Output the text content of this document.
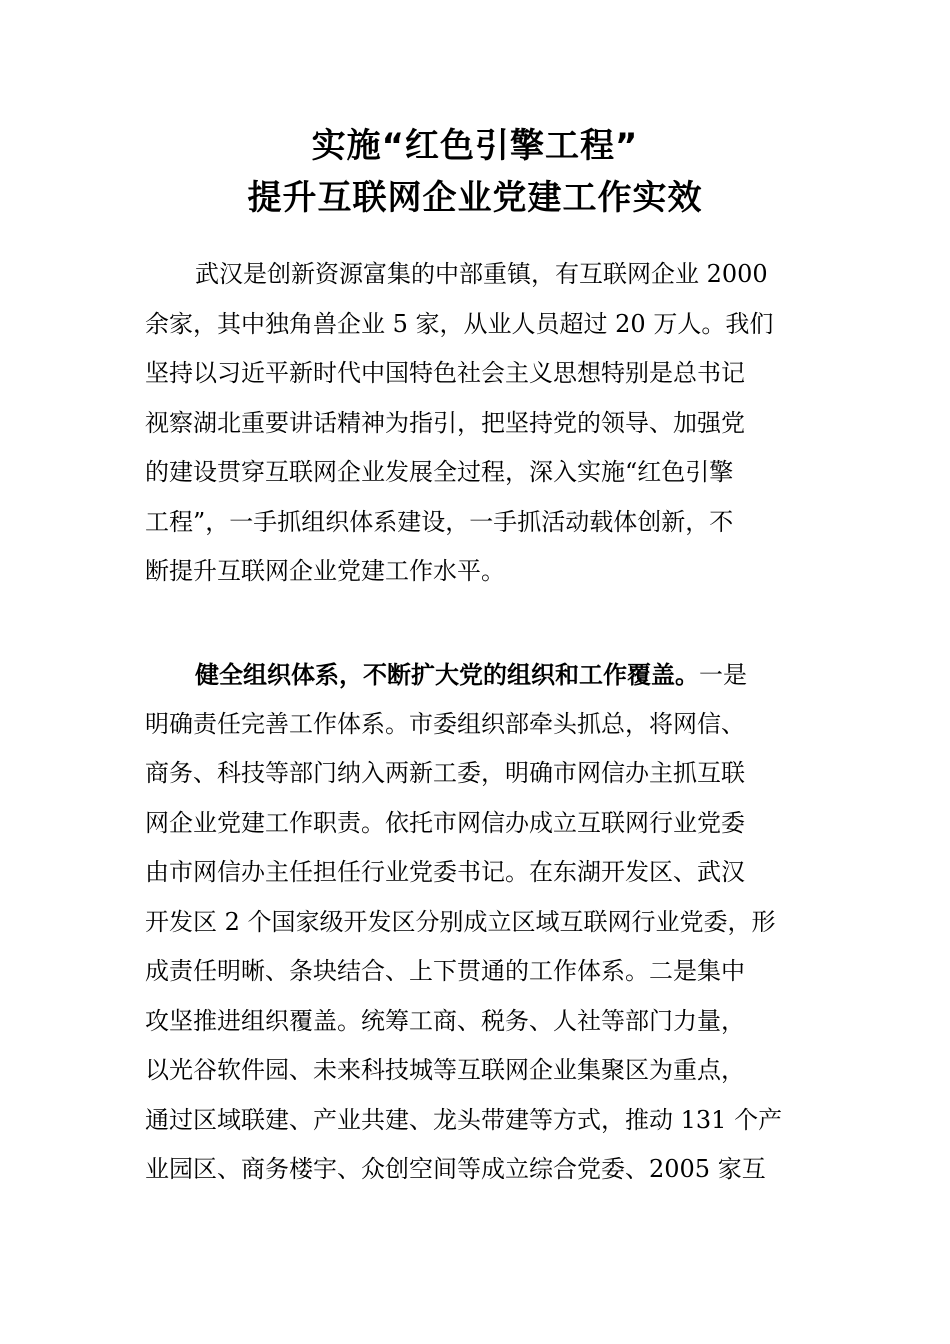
实施“红色引擎工程”
提升互联网企业党建工作实效
武汉是创新资源富集的中部重镇，有互联网企业 2000
余家，其中独角兽企业 5 家，从业人员超过 20 万人。我们
坚持以习近平新时代中国特色社会主义思想特别是总书记
视察湖北重要讲话精神为指引，把坚持党的领导、加强党
的建设贯穿互联网企业发展全过程，深入实施“红色引擎
工程”，一手抓组织体系建设，一手抓活动载体创新，不
断提升互联网企业党建工作水平。
健全组织体系，不断扩大党的组织和工作覆盖。一是
明确责任完善工作体系。市委组织部牵头抓总，将网信、
商务、科技等部门纳入两新工委，明确市网信办主抓互联
网企业党建工作职责。依托市网信办成立互联网行业党委
由市网信办主任担任行业党委书记。在东湖开发区、武汉
开发区 2 个国家级开发区分别成立区域互联网行业党委，形
成责任明晰、条块结合、上下贯通的工作体系。二是集中
攻坚推进组织覆盖。统筹工商、税务、人社等部门力量，
以光谷软件园、未来科技城等互联网企业集聚区为重点，
通过区域联建、产业共建、龙头带建等方式，推动 131 个产
业园区、商务楼宇、众创空间等成立综合党委、2005 家互
